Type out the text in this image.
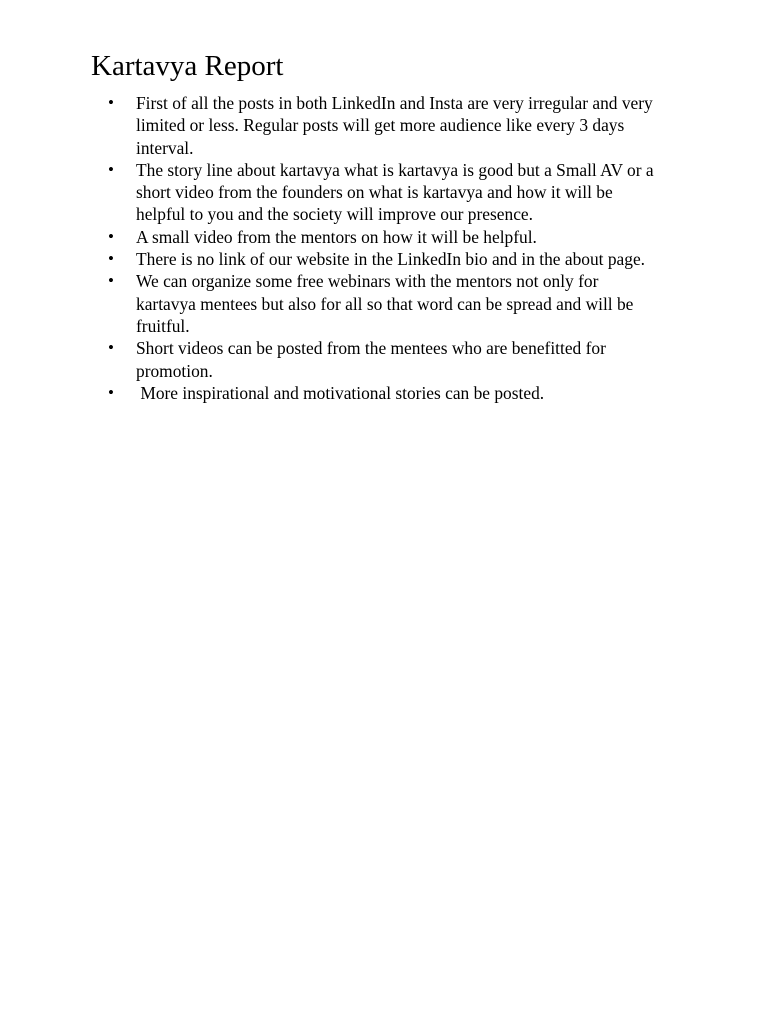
Kartavya Report
• First of all the posts in both LinkedIn and Insta are very irregular and very limited or less. Regular posts will get more audience like every 3 days interval.
• The story line about kartavya what is kartavya is good but a Small AV or a short video from the founders on what is kartavya and how it will be helpful to you and the society will improve our presence.
• A small video from the mentors on how it will be helpful.
• There is no link of our website in the LinkedIn bio and in the about page.
• We can organize some free webinars with the mentors not only for kartavya mentees but also for all so that word can be spread and will be fruitful.
• Short videos can be posted from the mentees who are benefitted for promotion.
• More inspirational and motivational stories can be posted.
